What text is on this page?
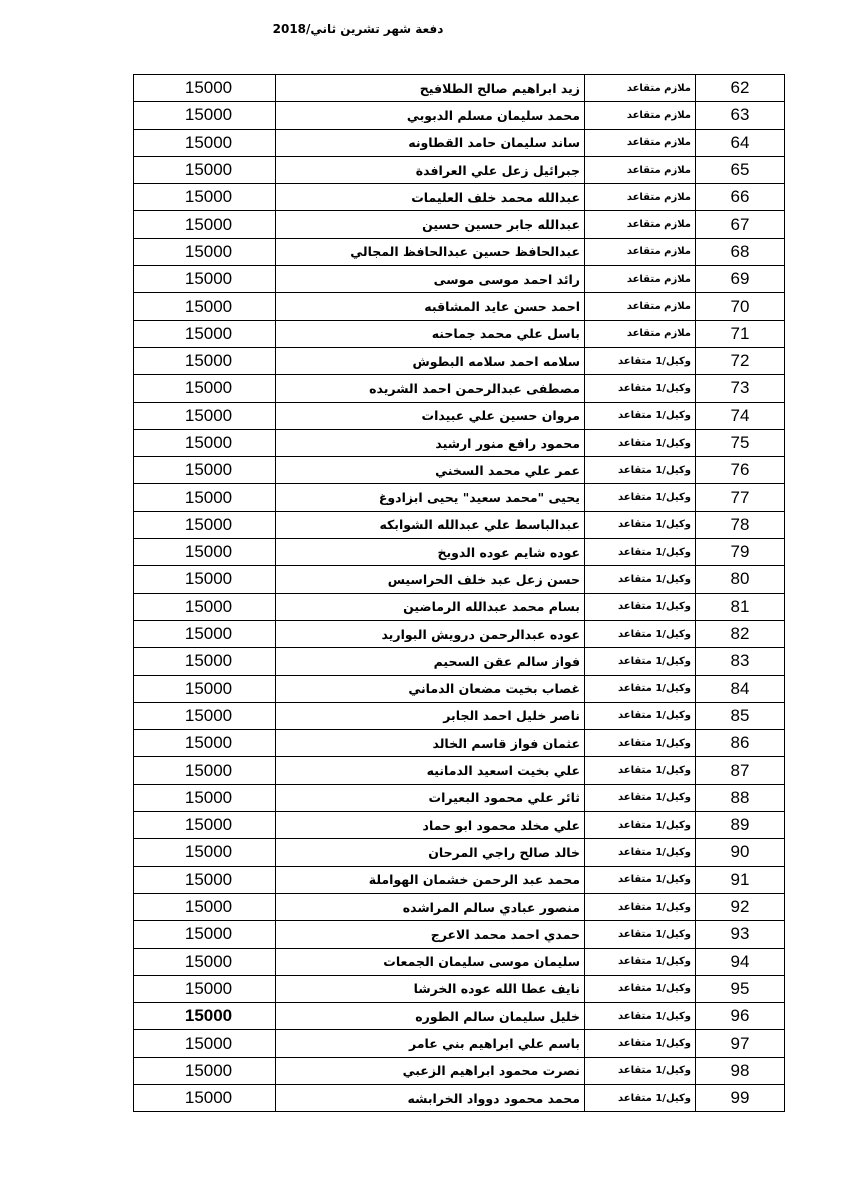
دفعة شهر تشرين ثاني/2018
15000	زيد ابراهيم صالح الطلافيح	ملازم متقاعد	62
15000	محمد سليمان مسلم الدبوبي	ملازم متقاعد	63
15000	ساند سليمان حامد القطاونه	ملازم متقاعد	64
15000	جبرائيل زعل علي العرافدة	ملازم متقاعد	65
15000	عبدالله محمد خلف العليمات	ملازم متقاعد	66
15000	عبدالله جابر حسين حسين	ملازم متقاعد	67
15000	عبدالحافظ حسين عبدالحافظ المجالي	ملازم متقاعد	68
15000	رائد احمد موسى موسى	ملازم متقاعد	69
15000	احمد حسن عايد المشاقبه	ملازم متقاعد	70
15000	باسل علي محمد جماحنه	ملازم متقاعد	71
15000	سلامه احمد سلامه البطوش	وكيل/1 متقاعد	72
15000	مصطفى عبدالرحمن احمد الشريده	وكيل/1 متقاعد	73
15000	مروان حسين علي عبيدات	وكيل/1 متقاعد	74
15000	محمود رافع منور ارشيد	وكيل/1 متقاعد	75
15000	عمر علي محمد السخني	وكيل/1 متقاعد	76
15000	يحيى "محمد سعيد" يحيى ابزادوغ	وكيل/1 متقاعد	77
15000	عبدالباسط علي عبدالله الشوابكه	وكيل/1 متقاعد	78
15000	عوده شايم عوده الدويخ	وكيل/1 متقاعد	79
15000	حسن زعل عبد خلف الحراسيس	وكيل/1 متقاعد	80
15000	بسام محمد عبدالله الرماضين	وكيل/1 متقاعد	81
15000	عوده عبدالرحمن درويش البوارید	وكيل/1 متقاعد	82
15000	فواز سالم عقن السحيم	وكيل/1 متقاعد	83
15000	غصاب بخيت مضعان الدماني	وكيل/1 متقاعد	84
15000	ناصر خليل احمد الجابر	وكيل/1 متقاعد	85
15000	عثمان فواز قاسم الخالد	وكيل/1 متقاعد	86
15000	علي بخيت اسعيد الدمانيه	وكيل/1 متقاعد	87
15000	ثائر علي محمود البعيرات	وكيل/1 متقاعد	88
15000	علي مخلد محمود ابو حماد	وكيل/1 متقاعد	89
15000	خالد صالح راجي المرحان	وكيل/1 متقاعد	90
15000	محمد عبد الرحمن خشمان الهواملة	وكيل/1 متقاعد	91
15000	منصور عبادي سالم المراشده	وكيل/1 متقاعد	92
15000	حمدي احمد محمد الاعرج	وكيل/1 متقاعد	93
15000	سليمان موسى سليمان الجمعات	وكيل/1 متقاعد	94
15000	نايف عطا الله عوده الخرشا	وكيل/1 متقاعد	95
15000	خليل سليمان سالم الطوره	وكيل/1 متقاعد	96
15000	باسم علي ابراهيم بني عامر	وكيل/1 متقاعد	97
15000	نصرت محمود ابراهيم الزعبي	وكيل/1 متقاعد	98
15000	محمد محمود دوواد الخرابشه	وكيل/1 متقاعد	99
